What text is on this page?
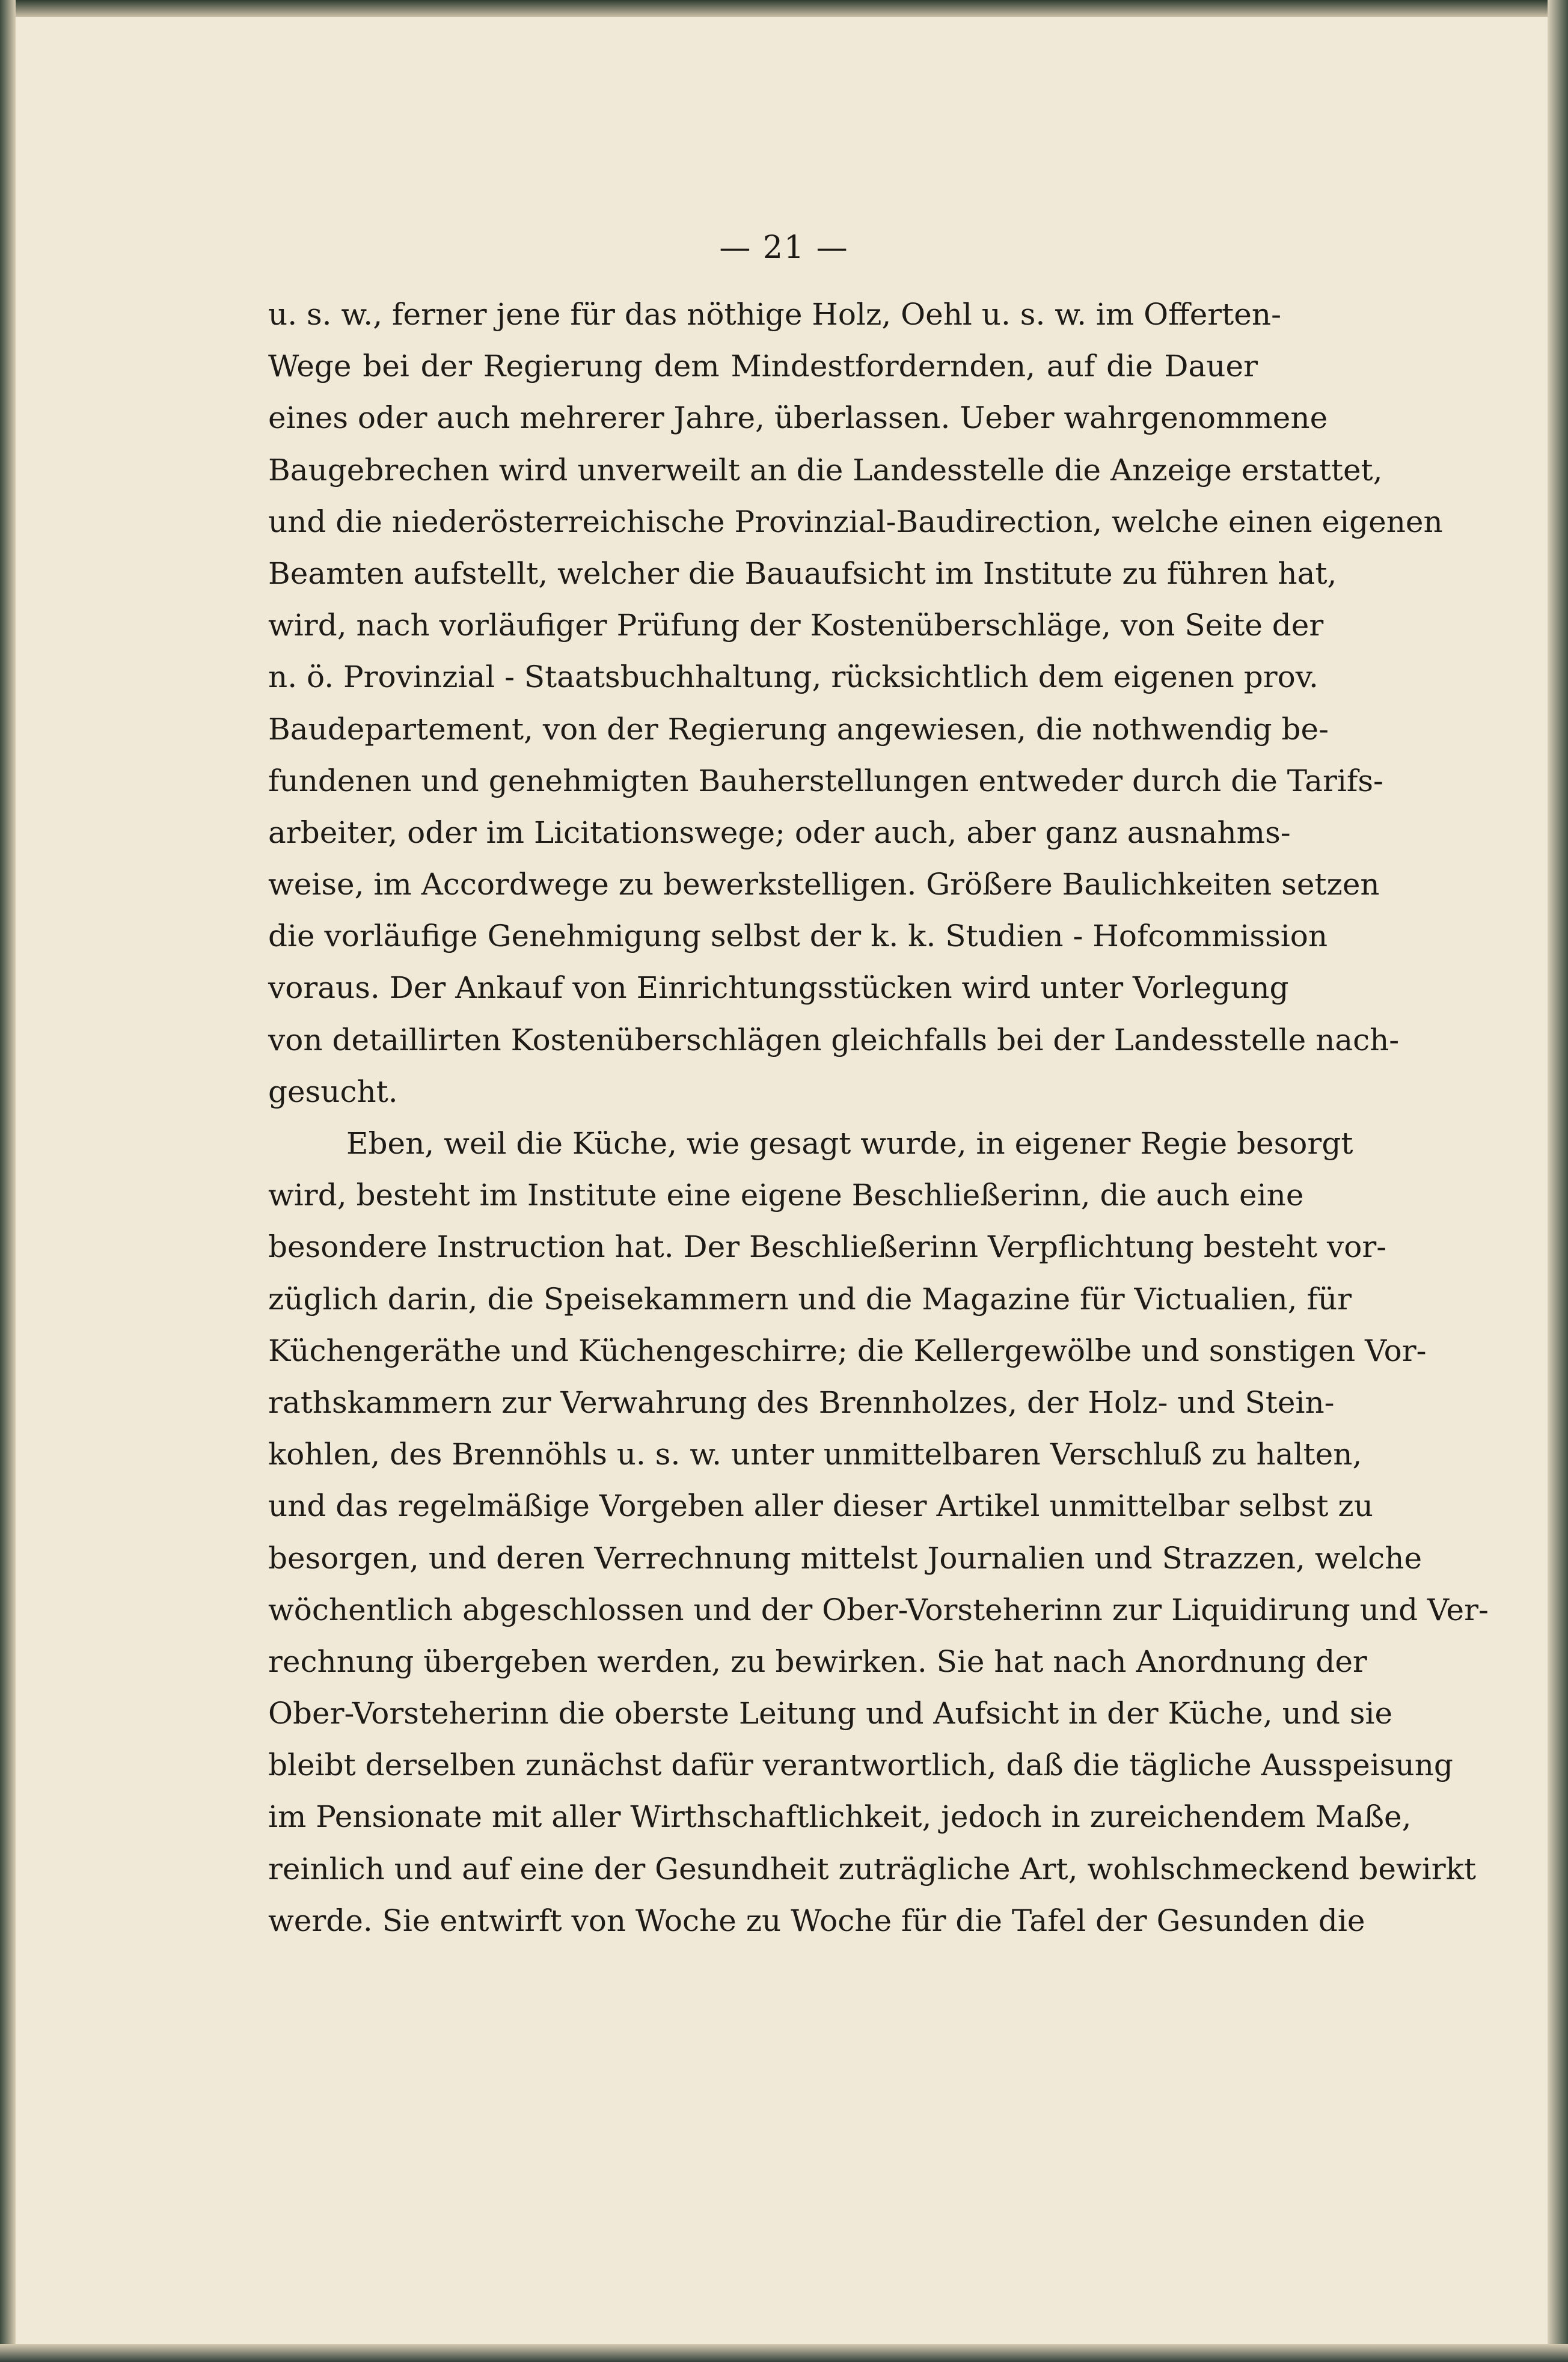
— 21 —
u. s. w., ferner jene für das nöthige Holz, Oehl u. s. w. im Offerten-
Wege bei der Regierung dem Mindestfordernden, auf die Dauer
eines oder auch mehrerer Jahre, überlassen. Ueber wahrgenommene
Baugebrechen wird unverweilt an die Landesstelle die Anzeige erstattet,
und die niederösterreichische Provinzial-Baudirection, welche einen eigenen
Beamten aufstellt, welcher die Bauaufsicht im Institute zu führen hat,
wird, nach vorläufiger Prüfung der Kostenüberschläge, von Seite der
n. ö. Provinzial - Staatsbuchhaltung, rücksichtlich dem eigenen prov.
Baudepartement, von der Regierung angewiesen, die nothwendig be-
fundenen und genehmigten Bauherstellungen entweder durch die Tarifs-
arbeiter, oder im Licitationswege; oder auch, aber ganz ausnahms-
weise, im Accordwege zu bewerkstelligen. Größere Baulichkeiten setzen
die vorläufige Genehmigung selbst der k. k. Studien - Hofcommission
voraus. Der Ankauf von Einrichtungsstücken wird unter Vorlegung
von detaillirten Kostenüberschlägen gleichfalls bei der Landesstelle nach-
gesucht.
Eben, weil die Küche, wie gesagt wurde, in eigener Regie besorgt
wird, besteht im Institute eine eigene Beschließerinn, die auch eine
besondere Instruction hat. Der Beschließerinn Verpflichtung besteht vor-
züglich darin, die Speisekammern und die Magazine für Victualien, für
Küchengeräthe und Küchengeschirre; die Kellergewölbe und sonstigen Vor-
rathskammern zur Verwahrung des Brennholzes, der Holz- und Stein-
kohlen, des Brennöhls u. s. w. unter unmittelbaren Verschluß zu halten,
und das regelmäßige Vorgeben aller dieser Artikel unmittelbar selbst zu
besorgen, und deren Verrechnung mittelst Journalien und Strazzen, welche
wöchentlich abgeschlossen und der Ober-Vorsteherinn zur Liquidirung und Ver-
rechnung übergeben werden, zu bewirken. Sie hat nach Anordnung der
Ober-Vorsteherinn die oberste Leitung und Aufsicht in der Küche, und sie
bleibt derselben zunächst dafür verantwortlich, daß die tägliche Ausspeisung
im Pensionate mit aller Wirthschaftlichkeit, jedoch in zureichendem Maße,
reinlich und auf eine der Gesundheit zuträgliche Art, wohlschmeckend bewirkt
werde. Sie entwirft von Woche zu Woche für die Tafel der Gesunden die
